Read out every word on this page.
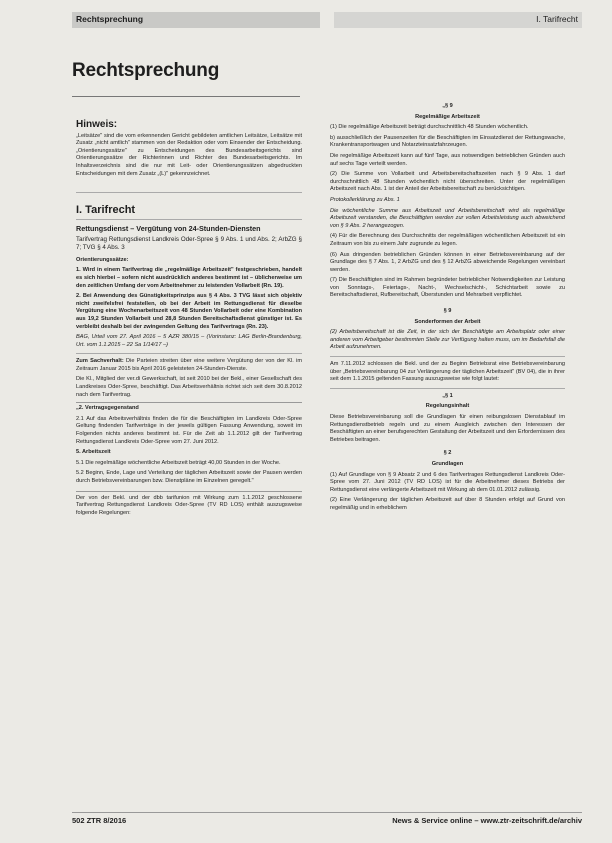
Rechtsprechung	I. Tarifrecht
Rechtsprechung

Hinweis:

„Leitsätze" sind die vom erkennenden Gericht gebildeten amtlichen Leitsätze, Leitsätze mit Zusatz „nicht amtlich" stammen von der Redaktion oder vom Einsender der Entscheidung. „Orientierungssätze" zu Entscheidungen des Bundesarbeitsgerichts sind Orientierungssätze der Richterinnen und Richter des Bundesarbeitsgerichts. Im Inhaltsverzeichnis sind die nur mit Leit- oder Orientierungssätzen abgedruckten Entscheidungen mit dem Zusatz „(L)" gekennzeichnet.

I. Tarifrecht

Rettungsdienst – Vergütung von 24-Stunden-Diensten

Tarifvertrag Rettungsdienst Landkreis Oder-Spree § 9 Abs. 1 und Abs. 2; ArbZG § 7; TVG § 4 Abs. 3

Orientierungssätze:

1. Wird in einem Tarifvertrag die „regelmäßige Arbeitszeit" festgeschrieben, handelt es sich hierbei – sofern nicht ausdrücklich anderes bestimmt ist – üblicherweise um den zeitlichen Umfang der vom Arbeitnehmer zu leistenden Vollarbeit (Rn. 19).

2. Bei Anwendung des Günstigkeitsprinzips aus § 4 Abs. 3 TVG lässt sich objektiv nicht zweifelsfrei feststellen, ob bei der Arbeit im Rettungsdienst für dieselbe Vergütung eine Wochenarbeitszeit von 48 Stunden Vollarbeit oder eine Kombination aus 19,2 Stunden Vollarbeit und 28,8 Stunden Bereitschaftsdienst günstiger ist. Es verbleibt deshalb bei der zwingenden Geltung des Tarifvertrags (Rn. 23).

BAG, Urteil vom 27. April 2016 – 5 AZR 380/15 – (Vorinstanz: LAG Berlin-Brandenburg, Urt. vom 1.1.2015 – 22 Sa 1/14/17 –)

Zum Sachverhalt: Die Parteien streiten über eine weitere Vergütung der von der Kl. im Zeitraum Januar 2015 bis April 2016 geleisteten 24-Stunden-Dienste.

Die Kl., Mitglied der ver.di Gewerkschaft, ist seit 2010 bei der Bekl., einer Gesellschaft des Landkreises Oder-Spree, beschäftigt. Das Arbeitsverhältnis richtet sich seit dem 30.8.2012 nach dem Tarifvertrag.

„2. Vertragsgegenstand

2.1 Auf das Arbeitsverhältnis finden die für die Beschäftigten im Landkreis Oder-Spree Geltung findenden Tarifverträge in der jeweils gültigen Fassung Anwendung, soweit im Folgenden nichts anderes bestimmt ist. Für die Zeit ab 1.1.2012 gilt der Tarifvertrag Rettungsdienst Landkreis Oder-Spree vom 27. Juni 2012.

5. Arbeitszeit

5.1 Die regelmäßige wöchentliche Arbeitszeit beträgt 40,00 Stunden in der Woche.

5.2 Beginn, Ende, Lage und Verteilung der täglichen Arbeitszeit sowie der Pausen werden durch Betriebsvereinbarungen bzw. Dienstpläne im Einzelnen geregelt."

Der von der Bekl. und der dbb tarifunion mit Wirkung zum 1.1.2012 geschlossene Tarifvertrag Rettungsdienst Landkreis Oder-Spree (TV RD LOS) enthält auszugsweise folgende Regelungen:

„§ 9

Regelmäßige Arbeitszeit

(1) Die regelmäßige Arbeitszeit beträgt durchschnittlich 48 Stunden wöchentlich.

b) ausschließlich der Pausenzeiten für die Beschäftigten im Einsatzdienst der Rettungswache, Krankentransportwagen und Notarzteinsatzfahrzeugen.

Die regelmäßige Arbeitszeit kann auf fünf Tage, aus notwendigen betrieblichen Gründen auch auf sechs Tage verteilt werden.

(2) Die Summe von Vollarbeit und Arbeitsbereitschaftszeiten nach § 9 Abs. 1 darf durchschnittlich 48 Stunden wöchentlich nicht überschreiten. Unter der regelmäßigen Arbeitszeit nach Abs. 1 ist der Anteil der Arbeitsbereitschaft zu berücksichtigen.

Protokollerklärung zu Abs. 1

Die wöchentliche Summe aus Arbeitszeit und Arbeitsbereitschaft wird als regelmäßige Arbeitszeit verstanden, die Beschäftigten werden zur vollen Arbeitsleistung auch abweichend von § 9 Abs. 2 herangezogen.

(4) Für die Berechnung des Durchschnitts der regelmäßigen wöchentlichen Arbeitszeit ist ein Zeitraum von bis zu einem Jahr zugrunde zu legen.

(6) Aus dringenden betrieblichen Gründen können in einer Betriebsvereinbarung auf der Grundlage des § 7 Abs. 1, 2 ArbZG und des § 12 ArbZG abweichende Regelungen vereinbart werden.

(7) Die Beschäftigten sind im Rahmen begründeter betrieblicher Notwendigkeiten zur Leistung von Sonntags-, Feiertags-, Nacht-, Wechselschicht-, Schichtarbeit sowie zu Bereitschaftsdienst, Rufbereitschaft, Überstunden und Mehrarbeit verpflichtet.

§ 9

Sonderformen der Arbeit

(2) Arbeitsbereitschaft ist die Zeit, in der sich der Beschäftigte am Arbeitsplatz oder einer anderen vom Arbeitgeber bestimmten Stelle zur Verfügung halten muss, um im Bedarfsfall die Arbeit aufzunehmen.

Am 7.11.2012 schlossen die Bekl. und der zu Beginn Betriebsrat eine Betriebsvereinbarung über „Betriebsvereinbarung 04 zur Verlängerung der täglichen Arbeitszeit" (BV 04), die in ihrer seit dem 1.1.2015 geltenden Fassung auszugsweise wie folgt lautet:

„§ 1

Regelungsinhalt

Diese Betriebsvereinbarung soll die Grundlagen für einen reibungslosen Dienstablauf im Rettungsdienstbetrieb regeln und zu einem Ausgleich zwischen den Interessen der Beschäftigten an einer berufsgerechten Gestaltung der Arbeitszeit und den Erfordernissen des Betriebes beitragen.

§ 2

Grundlagen

(1) Auf Grundlage von § 9 Absatz 2 und 6 des Tarifvertrages Rettungsdienst Landkreis Oder-Spree vom 27. Juni 2012 (TV RD LOS) ist für die Arbeitnehmer dieses Betriebs der Rettungsdienst eine verlängerte Arbeitszeit mit Wirkung ab dem 01.01.2012 zulässig.

(2) Eine Verlängerung der täglichen Arbeitszeit auf über 8 Stunden erfolgt auf Grund von regelmäßig und in erheblichem

502 ZTR 8/2016	News & Service online – www.ztr-zeitschrift.de/archiv
